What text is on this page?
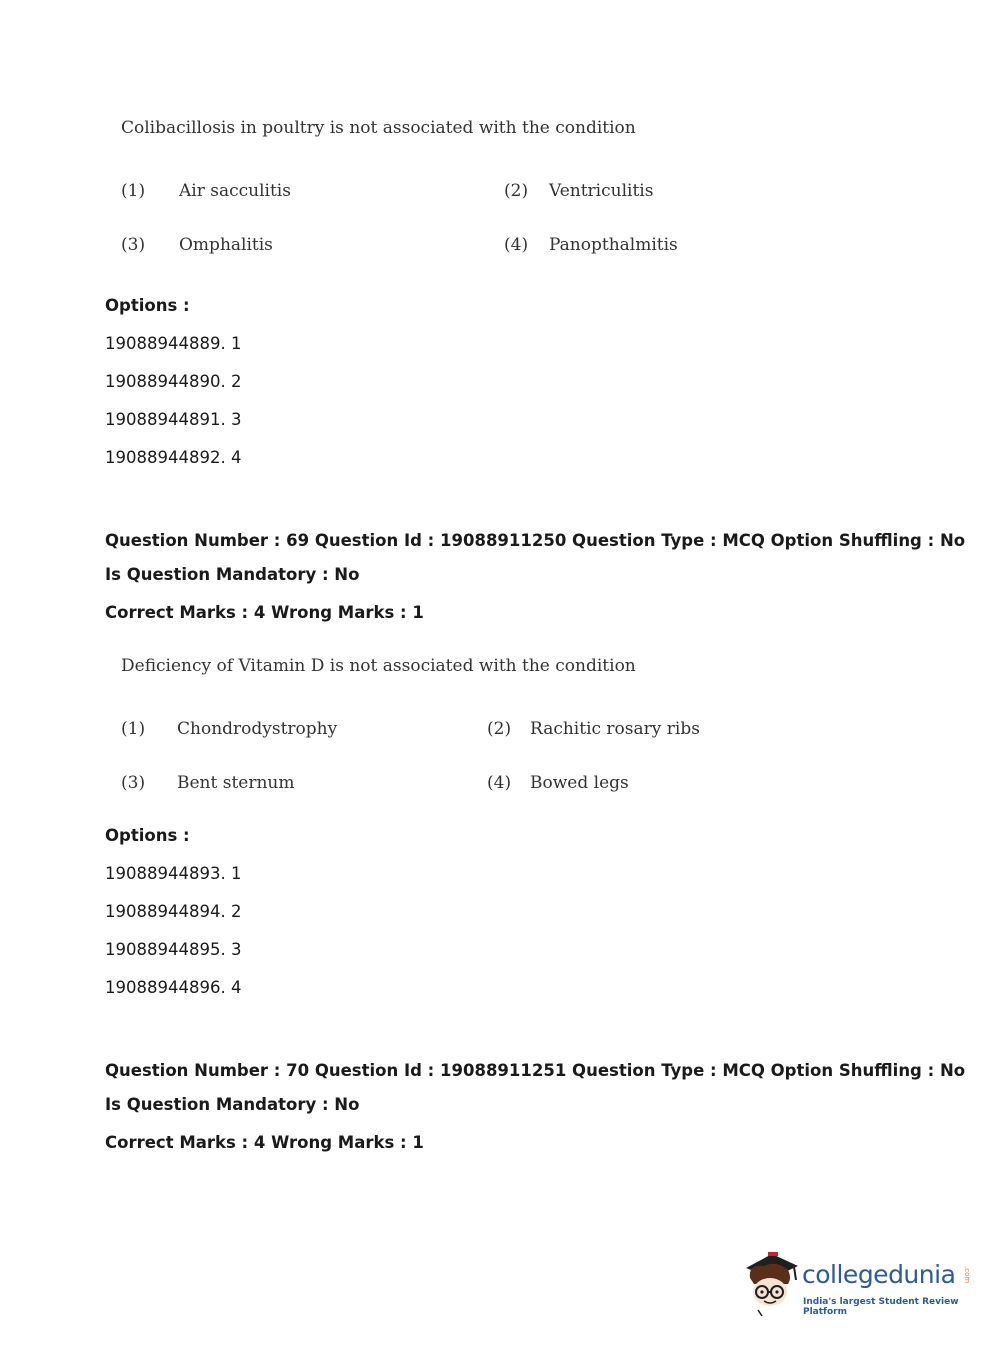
Colibacillosis in poultry is not associated with the condition
(1) Air sacculitis	(2) Ventriculitis
(3) Omphalitis	(4) Panopthalmitis
Options :
19088944889. 1
19088944890. 2
19088944891. 3
19088944892. 4
Question Number : 69 Question Id : 19088911250 Question Type : MCQ Option Shuffling : No
Is Question Mandatory : No
Correct Marks : 4 Wrong Marks : 1
Deficiency of Vitamin D is not associated with the condition
(1) Chondrodystrophy	(2) Rachitic rosary ribs
(3) Bent sternum	(4) Bowed legs
Options :
19088944893. 1
19088944894. 2
19088944895. 3
19088944896. 4
Question Number : 70 Question Id : 19088911251 Question Type : MCQ Option Shuffling : No
Is Question Mandatory : No
Correct Marks : 4 Wrong Marks : 1
collegedunia .com
India's largest Student Review Platform
